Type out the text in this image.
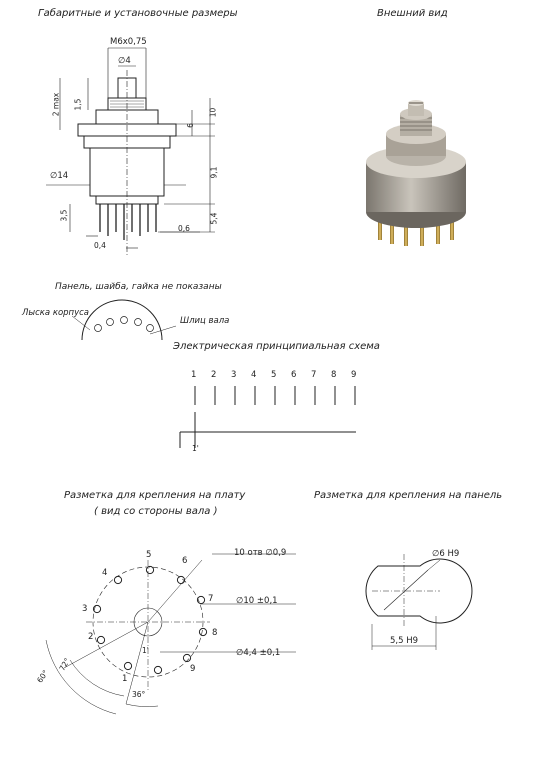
Габаритные и установочные размеры	Внешний вид
Панель, шайба, гайка не показаны
Лыска корпуса
Шлиц вала
Электрическая принципиальная схема
Разметка для крепления на плату
( вид со стороны вала )
Разметка для крепления на панель
М6х0,75
∅4
2 max 1,5
10
6
∅14	9,1
3,5	5,4
0,4
0,6
1 2 3 4 5 6 7 8 9
1'
10 отв ∅0,9
∅10 ±0,1
∅4,4 ±0,1
1'
36°
72°
60°	1
2
3
4
5
6
7
8
9
∅6 Н9
5,5 Н9
